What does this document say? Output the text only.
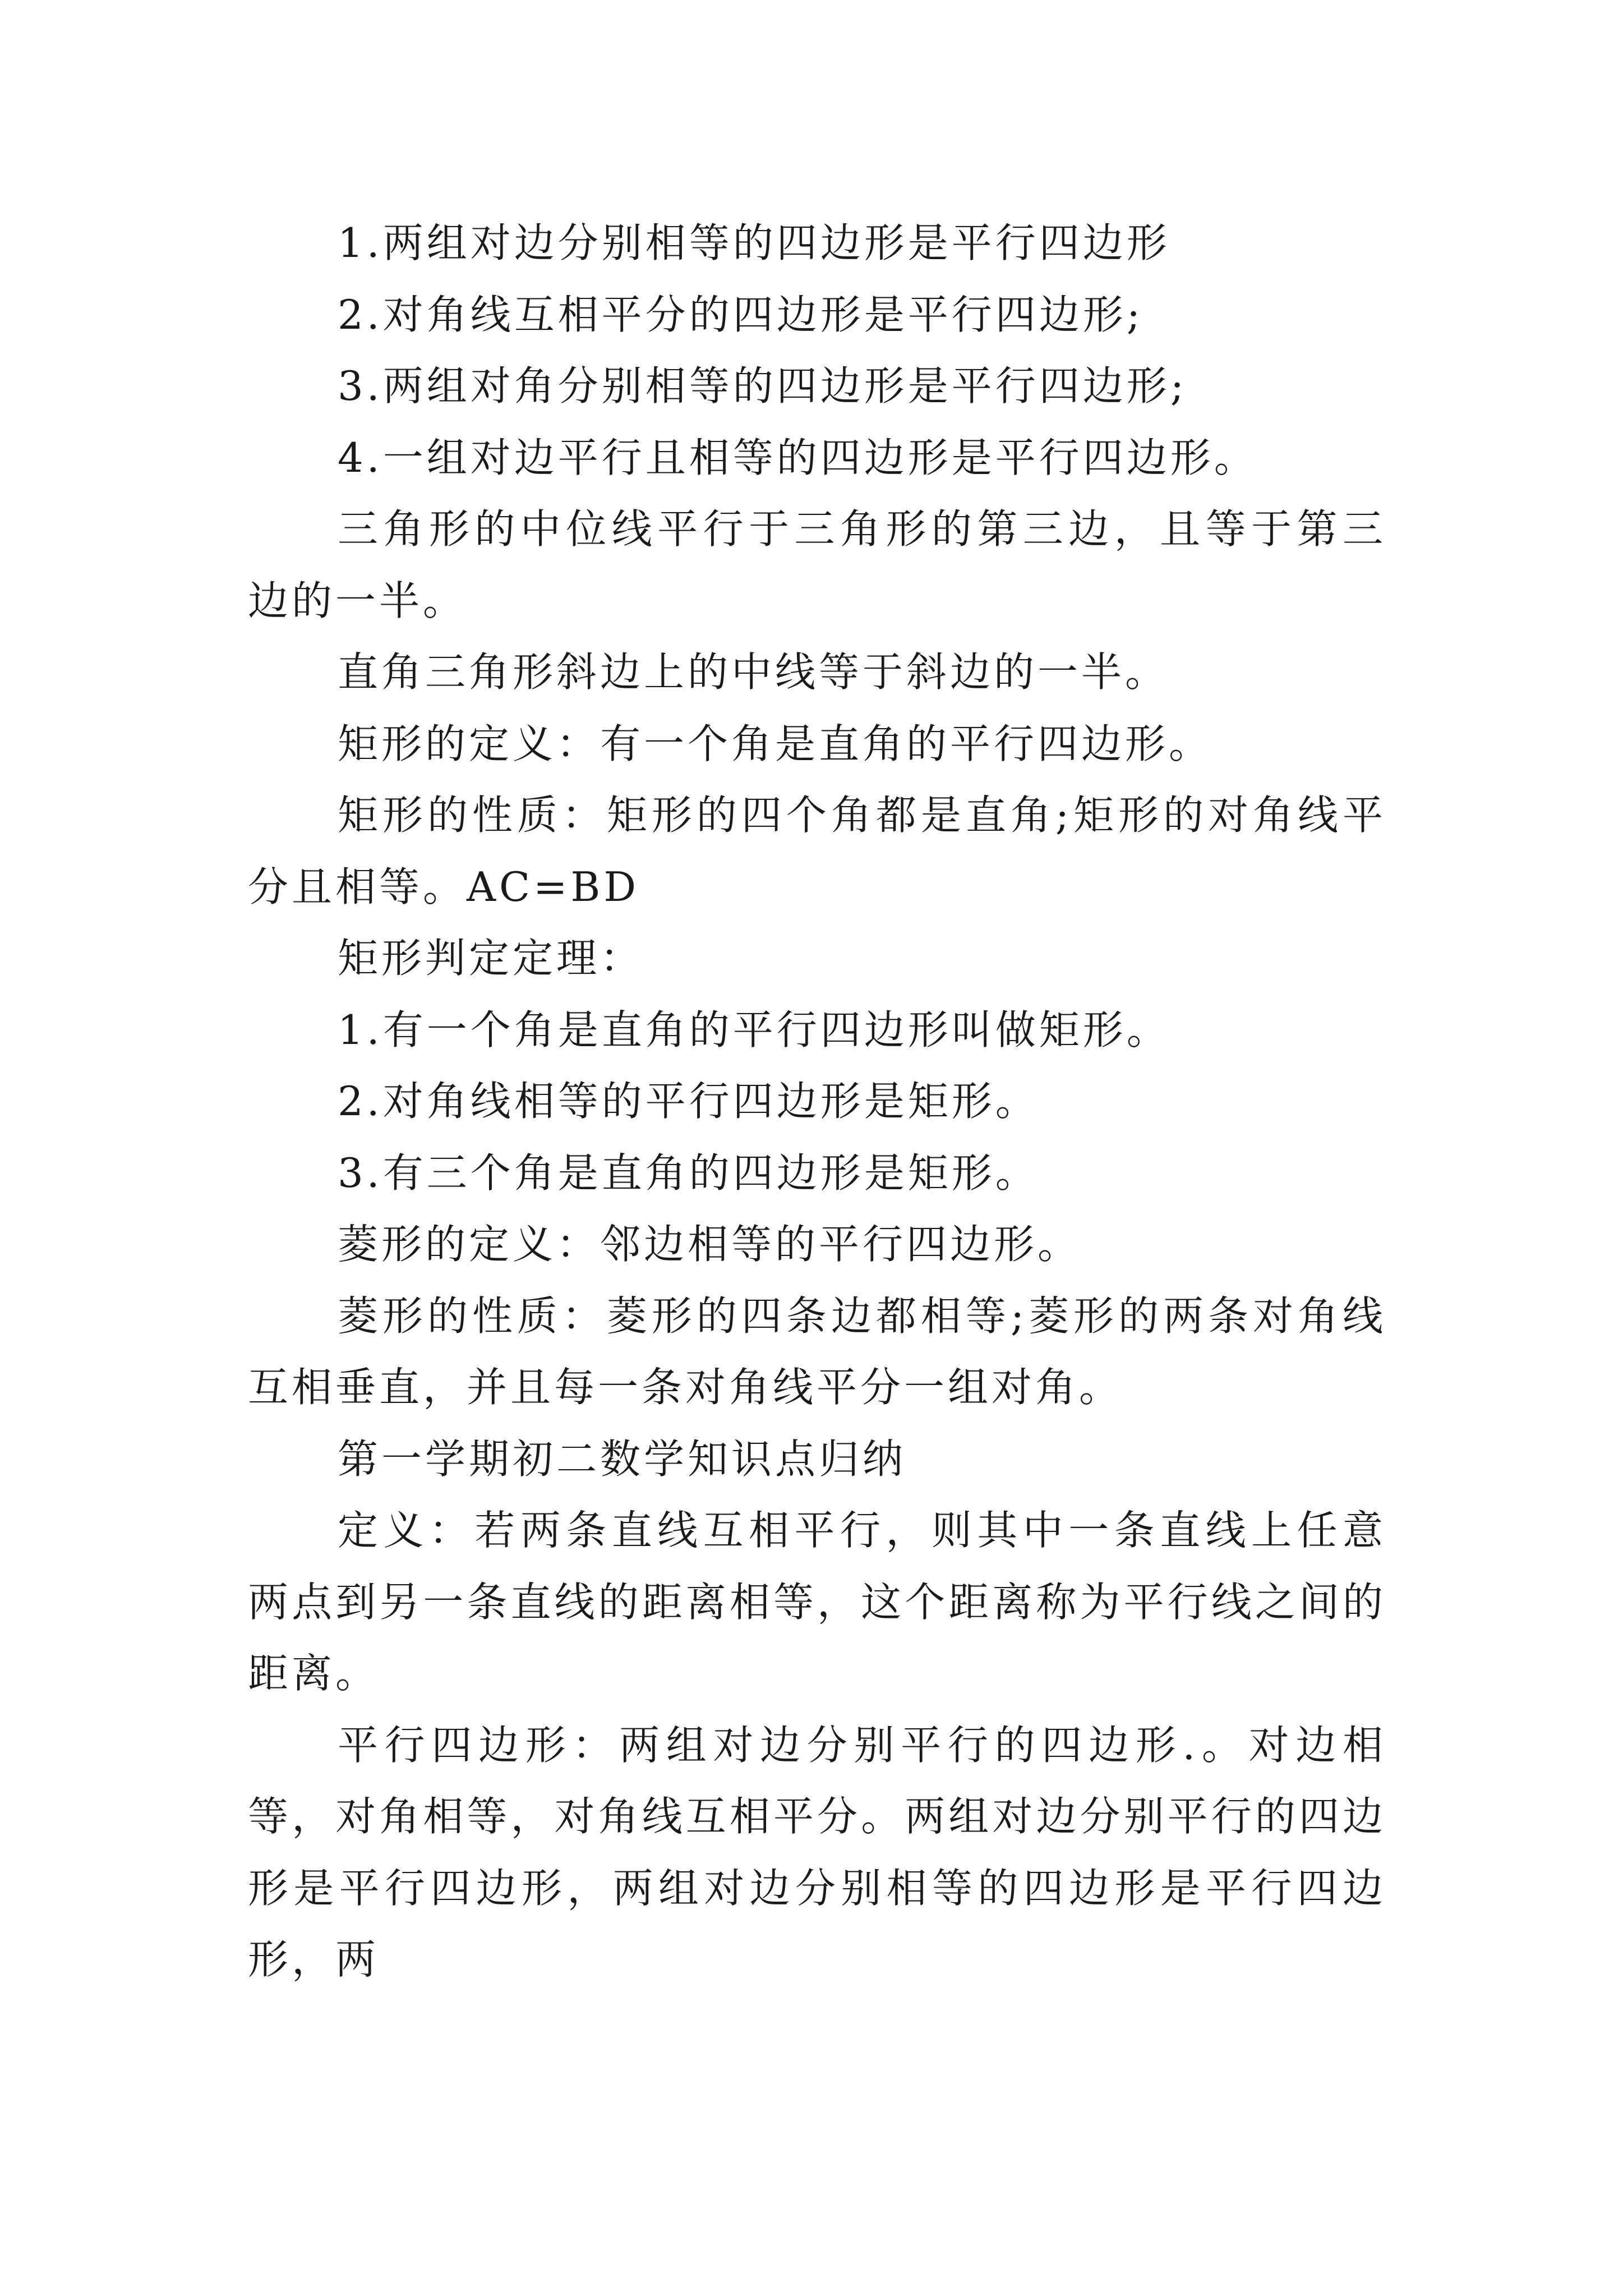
1.两组对边分别相等的四边形是平行四边形

2.对角线互相平分的四边形是平行四边形;

3.两组对角分别相等的四边形是平行四边形;

4.一组对边平行且相等的四边形是平行四边形。

三角形的中位线平行于三角形的第三边，且等于第三边的一半。

直角三角形斜边上的中线等于斜边的一半。

矩形的定义：有一个角是直角的平行四边形。

矩形的性质：矩形的四个角都是直角;矩形的对角线平分且相等。AC=BD

矩形判定定理：

1.有一个角是直角的平行四边形叫做矩形。

2.对角线相等的平行四边形是矩形。

3.有三个角是直角的四边形是矩形。

菱形的定义：邻边相等的平行四边形。

菱形的性质：菱形的四条边都相等;菱形的两条对角线互相垂直，并且每一条对角线平分一组对角。

第一学期初二数学知识点归纳

定义：若两条直线互相平行，则其中一条直线上任意两点到另一条直线的距离相等，这个距离称为平行线之间的距离。

平行四边形：两组对边分别平行的四边形.。对边相等，对角相等，对角线互相平分。两组对边分别平行的四边形是平行四边形，两组对边分别相等的四边形是平行四边形，两
